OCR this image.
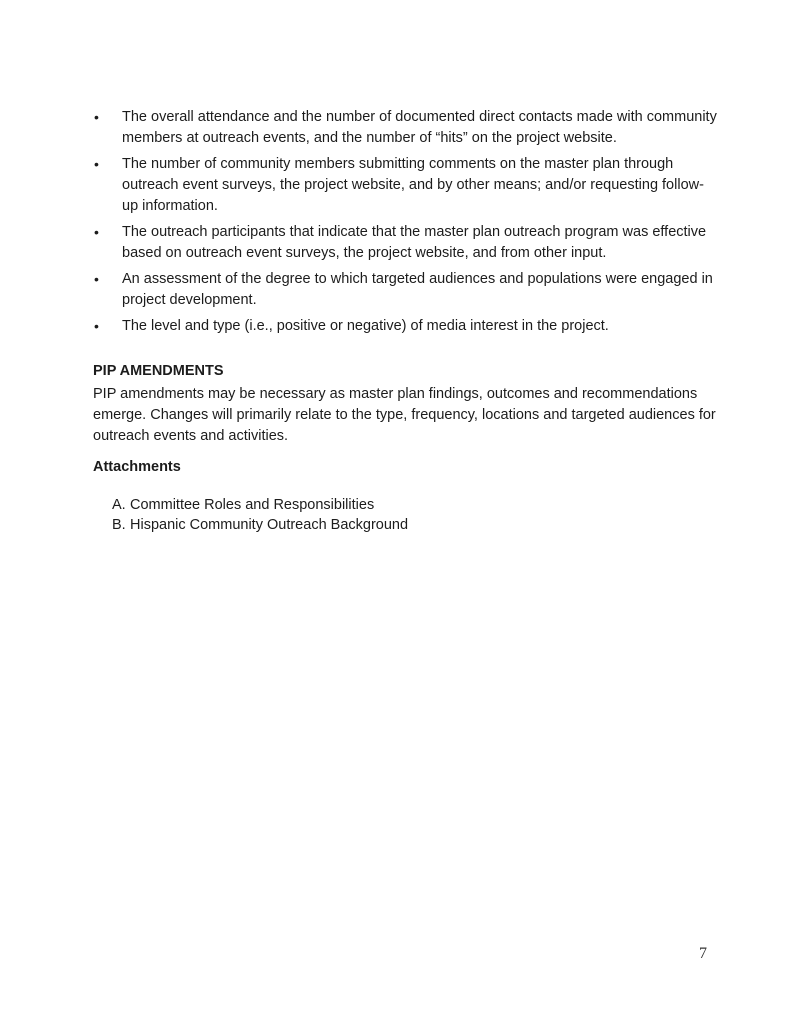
• The overall attendance and the number of documented direct contacts made with community members at outreach events, and the number of “hits” on the project website.
• The number of community members submitting comments on the master plan through outreach event surveys, the project website, and by other means; and/or requesting follow-up information.
• The outreach participants that indicate that the master plan outreach program was effective based on outreach event surveys, the project website, and from other input.
• An assessment of the degree to which targeted audiences and populations were engaged in project development.
• The level and type (i.e., positive or negative) of media interest in the project.
PIP AMENDMENTS
PIP amendments may be necessary as master plan findings, outcomes and recommendations emerge. Changes will primarily relate to the type, frequency, locations and targeted audiences for outreach events and activities.
Attachments
A. Committee Roles and Responsibilities
B. Hispanic Community Outreach Background
7
